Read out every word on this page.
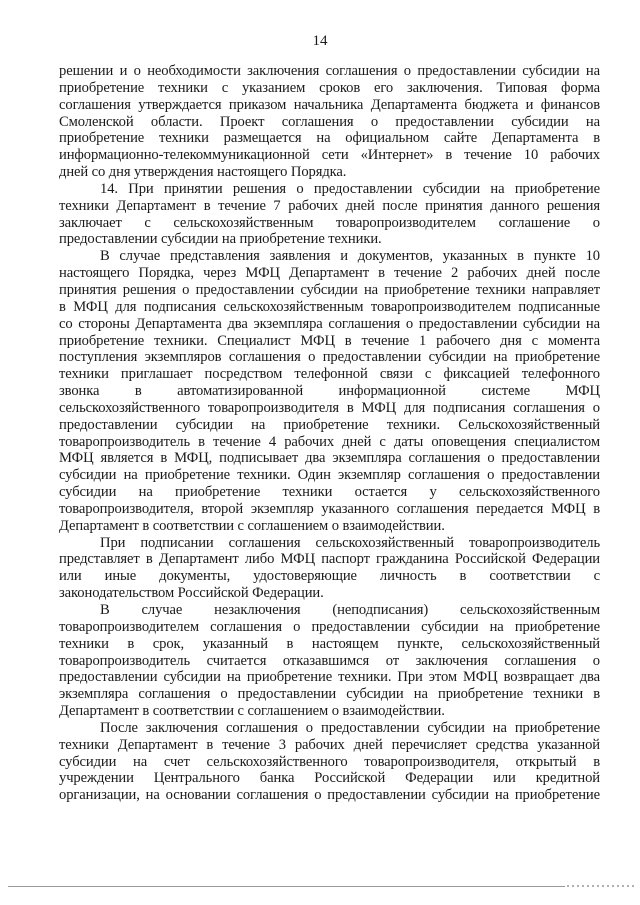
14
решении и о необходимости заключения соглашения о предоставлении субсидии на
приобретение техники с указанием сроков его заключения. Типовая форма
соглашения утверждается приказом начальника Департамента бюджета и финансов
Смоленской области. Проект соглашения о предоставлении субсидии на
приобретение техники размещается на официальном сайте Департамента в
информационно-телекоммуникационной сети «Интернет» в течение 10 рабочих
дней со дня утверждения настоящего Порядка.
14. При принятии решения о предоставлении субсидии на приобретение
техники Департамент в течение 7 рабочих дней после принятия данного решения
заключает с сельскохозяйственным товаропроизводителем соглашение о
предоставлении субсидии на приобретение техники.
В случае представления заявления и документов, указанных в пункте 10
настоящего Порядка, через МФЦ Департамент в течение 2 рабочих дней после
принятия решения о предоставлении субсидии на приобретение техники направляет
в МФЦ для подписания сельскохозяйственным товаропроизводителем подписанные
со стороны Департамента два экземпляра соглашения о предоставлении субсидии на
приобретение техники. Специалист МФЦ в течение 1 рабочего дня с момента
поступления экземпляров соглашения о предоставлении субсидии на приобретение
техники приглашает посредством телефонной связи с фиксацией телефонного
звонка в автоматизированной информационной системе МФЦ
сельскохозяйственного товаропроизводителя в МФЦ для подписания соглашения о
предоставлении субсидии на приобретение техники. Сельскохозяйственный
товаропроизводитель в течение 4 рабочих дней с даты оповещения специалистом
МФЦ является в МФЦ, подписывает два экземпляра соглашения о предоставлении
субсидии на приобретение техники. Один экземпляр соглашения о предоставлении
субсидии на приобретение техники остается у сельскохозяйственного
товаропроизводителя, второй экземпляр указанного соглашения передается МФЦ в
Департамент в соответствии с соглашением о взаимодействии.
При подписании соглашения сельскохозяйственный товаропроизводитель
представляет в Департамент либо МФЦ паспорт гражданина Российской Федерации
или иные документы, удостоверяющие личность в соответствии с
законодательством Российской Федерации.
В случае незаключения (неподписания) сельскохозяйственным
товаропроизводителем соглашения о предоставлении субсидии на приобретение
техники в срок, указанный в настоящем пункте, сельскохозяйственный
товаропроизводитель считается отказавшимся от заключения соглашения о
предоставлении субсидии на приобретение техники. При этом МФЦ возвращает два
экземпляра соглашения о предоставлении субсидии на приобретение техники в
Департамент в соответствии с соглашением о взаимодействии.
После заключения соглашения о предоставлении субсидии на приобретение
техники Департамент в течение 3 рабочих дней перечисляет средства указанной
субсидии на счет сельскохозяйственного товаропроизводителя, открытый в
учреждении Центрального банка Российской Федерации или кредитной
организации, на основании соглашения о предоставлении субсидии на приобретение
